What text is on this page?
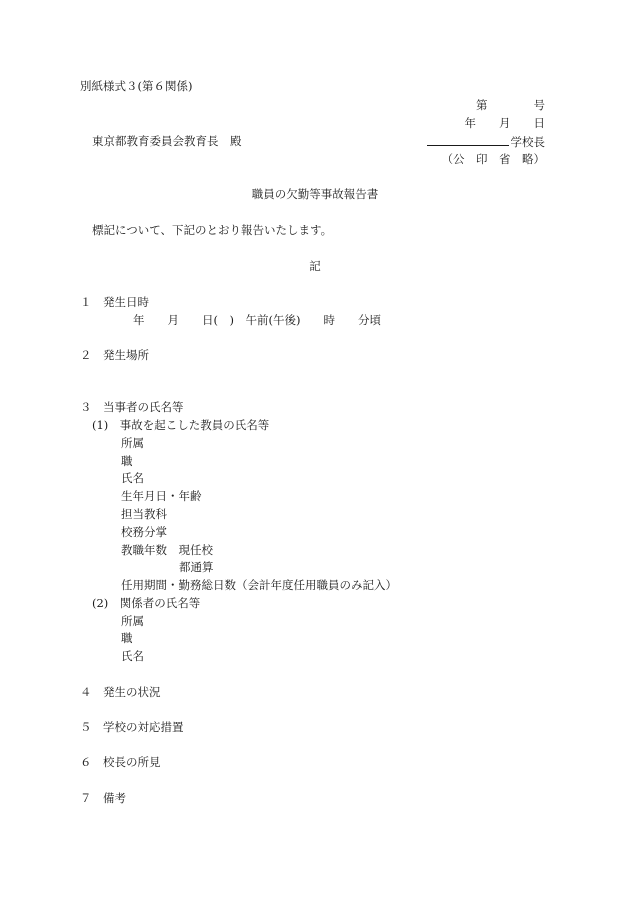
別紙様式３(第６関係)
第　　　　号
年　　月　　日
東京都教育委員会教育長　殿	学校長
（公　印　省　略）
職員の欠勤等事故報告書
標記について、下記のとおり報告いたします。
記
１　発生日時
年　　月　　日(　)　午前(午後)　　時　　分頃
２　発生場所
３　当事者の氏名等
(1)　事故を起こした教員の氏名等
所属
職
氏名
生年月日・年齢
担当教科
校務分掌
教職年数　現任校
都通算
任用期間・勤務総日数（会計年度任用職員のみ記入）
(2)　関係者の氏名等
所属
職
氏名
４　発生の状況
５　学校の対応措置
６　校長の所見
７　備考
